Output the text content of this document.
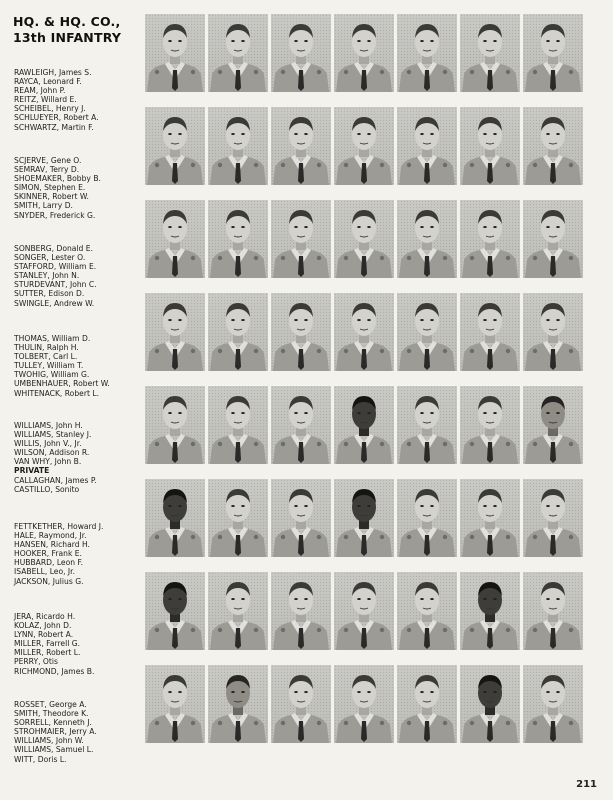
HQ. & HQ. CO.,
13th INFANTRY
RAWLEIGH, James S.
RAYCA, Leonard F.
REAM, John P.
REITZ, Willard E.
SCHEIBEL, Henry J.
SCHLUEYER, Robert A.
SCHWARTZ, Martin F.
SCJERVE, Gene O.
SEMRAV, Terry D.
SHOEMAKER, Bobby B.
SIMON, Stephen E.
SKINNER, Robert W.
SMITH, Larry D.
SNYDER, Frederick G.
SONBERG, Donald E.
SONGER, Lester O.
STAFFORD, William E.
STANLEY, John N.
STURDEVANT, John C.
SUTTER, Edison D.
SWINGLE, Andrew W.
THOMAS, William D.
THULIN, Ralph H.
TOLBERT, Carl L.
TULLEY, William T.
TWOHIG, William G.
UMBENHAUER, Robert W.
WHITENACK, Robert L.
WILLIAMS, John H.
WILLIAMS, Stanley J.
WILLIS, John V., Jr.
WILSON, Addison R.
VAN WHY, John B.
PRIVATE
CALLAGHAN, James P.
CASTILLO, Sonito
FETTKETHER, Howard J.
HALE, Raymond, Jr.
HANSEN, Richard H.
HOOKER, Frank E.
HUBBARD, Leon F.
ISABELL, Leo, Jr.
JACKSON, Julius G.
JERA, Ricardo H.
KOLAZ, John D.
LYNN, Robert A.
MILLER, Farrell G.
MILLER, Robert L.
PERRY, Otis
RICHMOND, James B.
ROSSET, George A.
SMITH, Theodore K.
SORRELL, Kenneth J.
STROHMAIER, Jerry A.
WILLIAMS, John W.
WILLIAMS, Samuel L.
WITT, Doris L.
211
